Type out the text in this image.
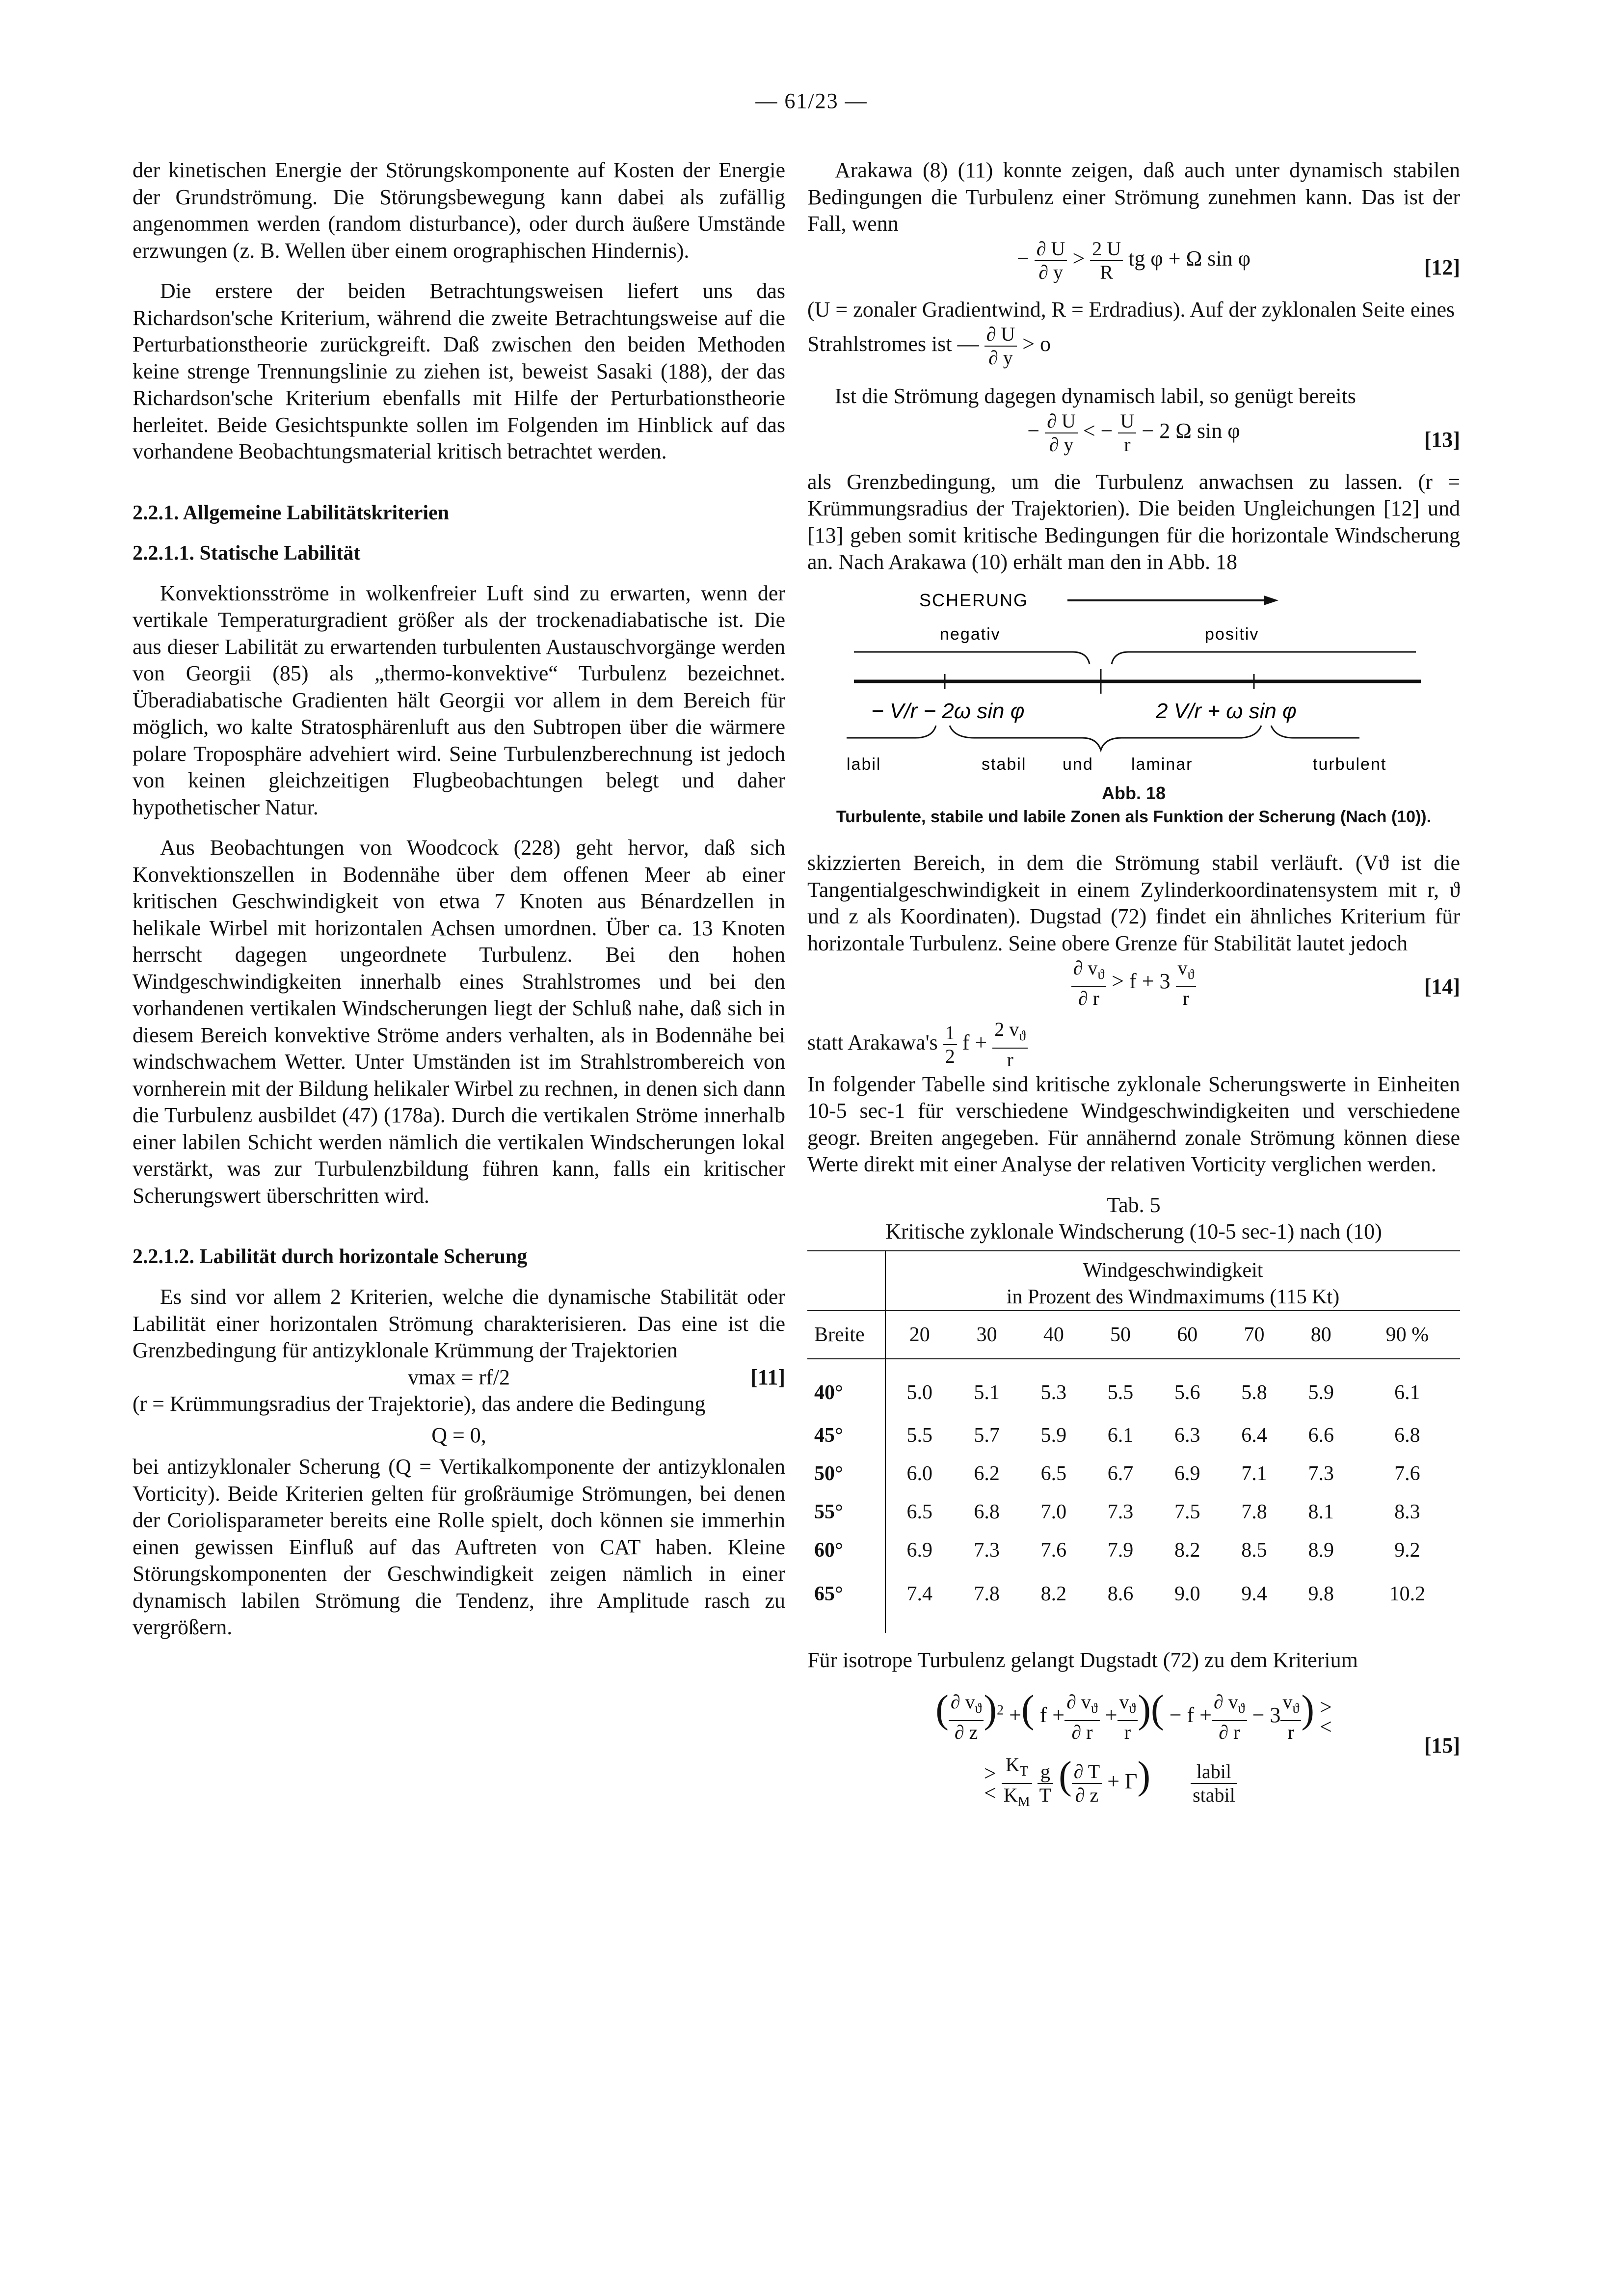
— 61/23 —

der kinetischen Energie der Störungskomponente auf Kosten der Energie der Grundströmung. Die Störungsbewegung kann dabei als zufällig angenommen werden (random disturbance), oder durch äußere Umstände erzwungen (z. B. Wellen über einem orographischen Hindernis).

Die erstere der beiden Betrachtungsweisen liefert uns das Richardson'sche Kriterium, während die zweite Betrachtungsweise auf die Perturbationstheorie zurückgreift. Daß zwischen den beiden Methoden keine strenge Trennungslinie zu ziehen ist, beweist Sasaki (188), der das Richardson'sche Kriterium ebenfalls mit Hilfe der Perturbationstheorie herleitet. Beide Gesichtspunkte sollen im Folgenden im Hinblick auf das vorhandene Beobachtungsmaterial kritisch betrachtet werden.

2.2.1. Allgemeine Labilitätskriterien
2.2.1.1. Statische Labilität

Konvektionsströme in wolkenfreier Luft sind zu erwarten, wenn der vertikale Temperaturgradient größer als der trockenadiabatische ist. Die aus dieser Labilität zu erwartenden turbulenten Austauschvorgänge werden von Georgii (85) als „thermo-konvektive“ Turbulenz bezeichnet. Überadiabatische Gradienten hält Georgii vor allem in dem Bereich für möglich, wo kalte Stratosphärenluft aus den Subtropen über die wärmere polare Troposphäre advehiert wird. Seine Turbulenzberechnung ist jedoch von keinen gleichzeitigen Flugbeobachtungen belegt und daher hypothetischer Natur.

Aus Beobachtungen von Woodcock (228) geht hervor, daß sich Konvektionszellen in Bodennähe über dem offenen Meer ab einer kritischen Geschwindigkeit von etwa 7 Knoten aus Bénardzellen in helikale Wirbel mit horizontalen Achsen umordnen. Über ca. 13 Knoten herrscht dagegen ungeordnete Turbulenz. Bei den hohen Windgeschwindigkeiten innerhalb eines Strahlstromes und bei den vorhandenen vertikalen Windscherungen liegt der Schluß nahe, daß sich in diesem Bereich konvektive Ströme anders verhalten, als in Bodennähe bei windschwachem Wetter. Unter Umständen ist im Strahlstrombereich von vornherein mit der Bildung helikaler Wirbel zu rechnen, in denen sich dann die Turbulenz ausbildet (47) (178a). Durch die vertikalen Ströme innerhalb einer labilen Schicht werden nämlich die vertikalen Windscherungen lokal verstärkt, was zur Turbulenzbildung führen kann, falls ein kritischer Scherungswert überschritten wird.

2.2.1.2. Labilität durch horizontale Scherung

Es sind vor allem 2 Kriterien, welche die dynamische Stabilität oder Labilität einer horizontalen Strömung charakterisieren. Das eine ist die Grenzbedingung für antizyklonale Krümmung der Trajektorien

vmax = rf/2	[11]

(r = Krümmungsradius der Trajektorie), das andere die Bedingung

Q = 0,

bei antizyklonaler Scherung (Q = Vertikalkomponente der antizyklonalen Vorticity). Beide Kriterien gelten für großräumige Strömungen, bei denen der Coriolisparameter bereits eine Rolle spielt, doch können sie immerhin einen gewissen Einfluß auf das Auftreten von CAT haben. Kleine Störungskomponenten der Geschwindigkeit zeigen nämlich in einer dynamisch labilen Strömung die Tendenz, ihre Amplitude rasch zu vergrößern.

Arakawa (8) (11) konnte zeigen, daß auch unter dynamisch stabilen Bedingungen die Turbulenz einer Strömung zunehmen kann. Das ist der Fall, wenn

− $\frac{\partial U}{\partial y} > \frac{2 U}{R}$ tg φ + Ω sin φ	[12]

(U = zonaler Gradientwind, R = Erdradius). Auf der zyklonalen Seite eines Strahlstromes ist

— $\frac{\partial U}{\partial y} > o$

Ist die Strömung dagegen dynamisch labil, so genügt bereits

− $\frac{\partial U}{\partial y}$ < − $\frac{U}{r} - 2$ Ω sin φ	[13]

als Grenzbedingung, um die Turbulenz anwachsen zu lassen. (r = Krümmungsradius der Trajektorien). Die beiden Ungleichungen [12] und [13] geben somit kritische Bedingungen für die horizontale Windscherung an. Nach Arakawa (10) erhält man den in Abb. 18

SCHERUNG
negativ	positiv
− V/r − 2ω sin φ	2 V/r + ω sin φ
labil	stabil und laminar	turbulent
Abb. 18
Turbulente, stabile und labile Zonen als Funktion der Scherung (Nach (10)).

skizzierten Bereich, in dem die Strömung stabil verläuft. (Vϑ ist die Tangentialgeschwindigkeit in einem Zylinderkoordinatensystem mit r, ϑ und z als Koordinaten). Dugstad (72) findet ein ähnliches Kriterium für horizontale Turbulenz. Seine obere Grenze für Stabilität lautet jedoch

$\frac{\partial v_ϑ}{\partial r} > f + 3 \frac{v_ϑ}{r}$	[14]
statt Arakawa's $\frac{1}{2}$ $f + \frac{2 v_ϑ}{r}$

In folgender Tabelle sind kritische zyklonale Scherungswerte in Einheiten 10-5 sec-1 für verschiedene Windgeschwindigkeiten und verschiedene geogr. Breiten angegeben. Für annähernd zonale Strömung können diese Werte direkt mit einer Analyse der relativen Vorticity verglichen werden.

Tab. 5
Kritische zyklonale Windscherung (10-5 sec-1) nach (10)

	Windgeschwindigkeit
in Prozent des Windmaximums (115 Kt)							

Breite	20	30	40	50	60	70	80	90 %
40°	5.0	5.1	5.3	5.5	5.6	5.8	5.9	6.1
45°	5.5	5.7	5.9	6.1	6.3	6.4	6.6	6.8
50°	6.0	6.2	6.5	6.7	6.9	7.1	7.3	7.6
55°	6.5	6.8	7.0	7.3	7.5	7.8	8.1	8.3
60°	6.9	7.3	7.6	7.9	8.2	8.5	8.9	9.2
65°	7.4	7.8	8.2	8.6	9.0	9.4	9.8	10.2

Für isotrope Turbulenz gelangt Dugstadt (72) zu dem Kriterium

( $\frac{\partial v_ϑ}{\partial z} )^2$ +( $f + \frac{\partial v_ϑ}{\partial r} + \frac{v_ϑ}{r}$ )( − $f + \frac{\partial v_ϑ}{\partial r} - 3 \frac{v_ϑ}{r}$ ) >
<
>
< $\frac{K_T}{K_M}$
$\frac{g}{T}$ ( $\frac{\partial T}{\partial z} + \Gamma) \frac{\text{labil}}{\text{stabil}}$
[15]
